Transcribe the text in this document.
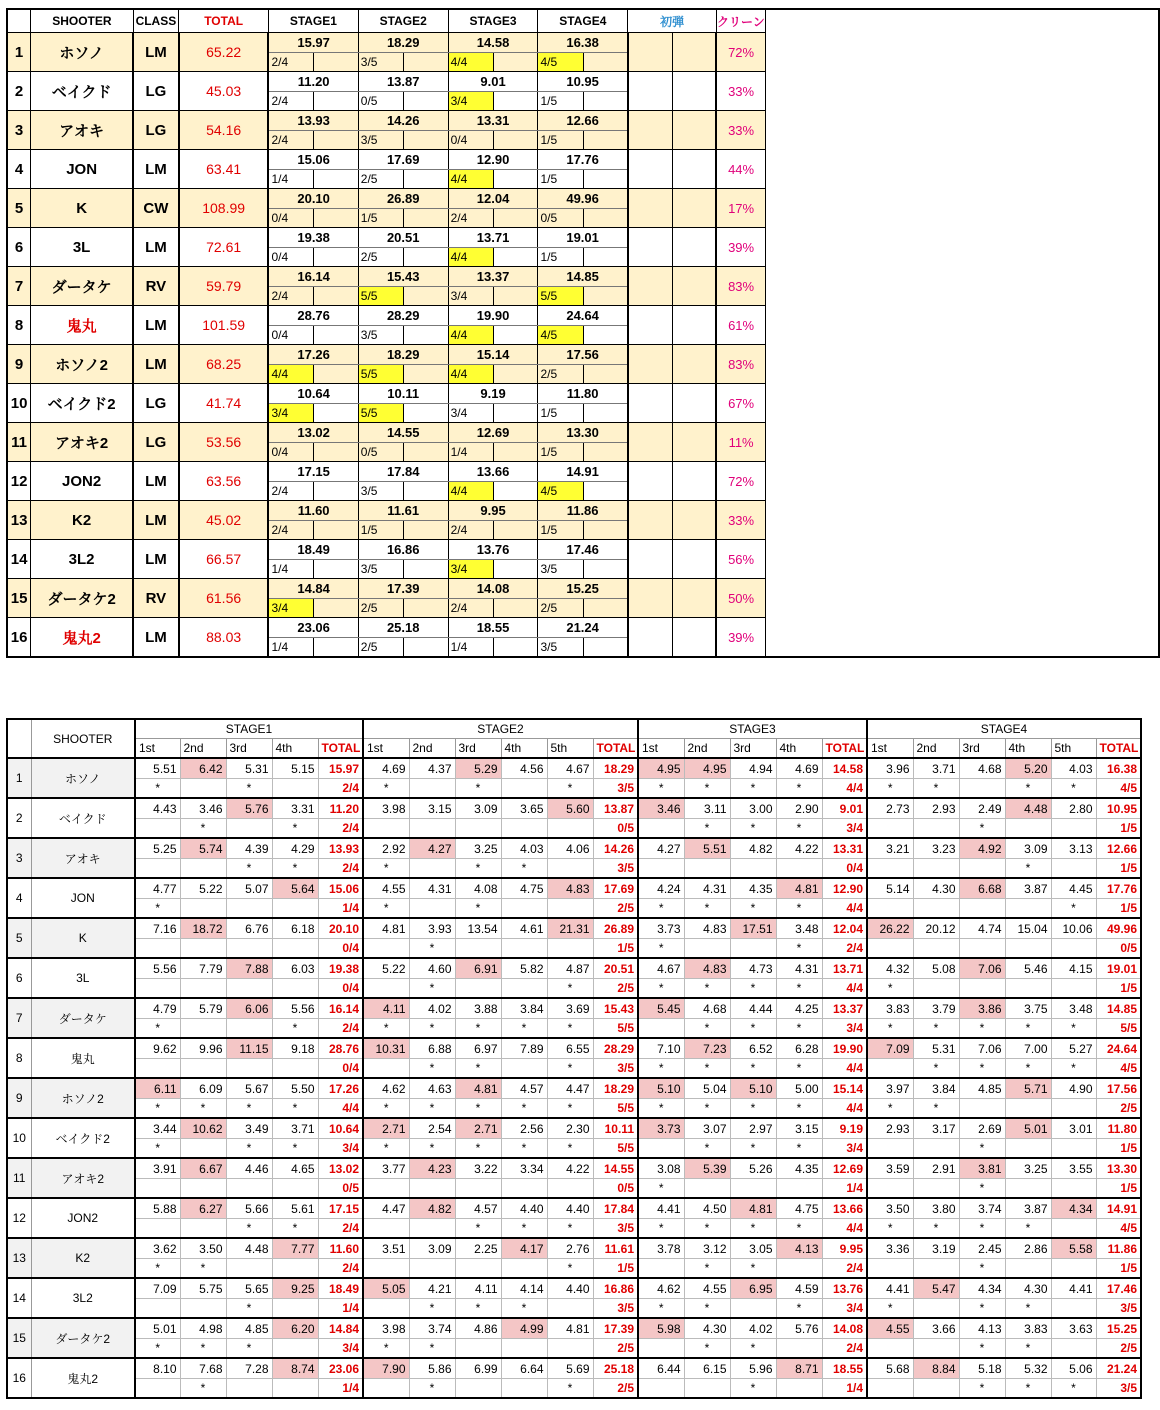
	SHOOTER	CLASS	TOTAL	STAGE1		STAGE2		STAGE3		STAGE4		初弾		クリーン
1	ホソノ	LM	65.22	15.97		18.29		14.58		16.38				72%
				2/4		3/5		4/4		4/5				
2	ベイクド	LG	45.03	11.20		13.87		9.01		10.95				33%
				2/4		0/5		3/4		1/5				
3	アオキ	LG	54.16	13.93		14.26		13.31		12.66				33%
				2/4		3/5		0/4		1/5				
4	JON	LM	63.41	15.06		17.69		12.90		17.76				44%
				1/4		2/5		4/4		1/5				
5	K	CW	108.99	20.10		26.89		12.04		49.96				17%
				0/4		1/5		2/4		0/5				
6	3L	LM	72.61	19.38		20.51		13.71		19.01				39%
				0/4		2/5		4/4		1/5				
7	ダータケ	RV	59.79	16.14		15.43		13.37		14.85				83%
				2/4		5/5		3/4		5/5				
8	鬼丸	LM	101.59	28.76		28.29		19.90		24.64				61%
				0/4		3/5		4/4		4/5				
9	ホソノ2	LM	68.25	17.26		18.29		15.14		17.56				83%
				4/4		5/5		4/4		2/5				
10	ベイクド2	LG	41.74	10.64		10.11		9.19		11.80				67%
				3/4		5/5		3/4		1/5				
11	アオキ2	LG	53.56	13.02		14.55		12.69		13.30				11%
				0/4		0/5		1/4		1/5				
12	JON2	LM	63.56	17.15		17.84		13.66		14.91				72%
				2/4		3/5		4/4		4/5				
13	K2	LM	45.02	11.60		11.61		9.95		11.86				33%
				2/4		1/5		2/4		1/5				
14	3L2	LM	66.57	18.49		16.86		13.76		17.46				56%
				1/4		3/5		3/4		3/5				
15	ダータケ2	RV	61.56	14.84		17.39		14.08		15.25				50%
				3/4		2/5		2/4		2/5				
16	鬼丸2	LM	88.03	23.06		25.18		18.55		21.24				39%
				1/4		2/5		1/4		3/5				
	SHOOTER	STAGE1					STAGE2						STAGE3					STAGE4					
		1st	2nd	3rd	4th	TOTAL	1st	2nd	3rd	4th	5th	TOTAL	1st	2nd	3rd	4th	TOTAL	1st	2nd	3rd	4th	5th	TOTAL
1	ホソノ	5.51	6.42	5.31	5.15	15.97	4.69	4.37	5.29	4.56	4.67	18.29	4.95	4.95	4.94	4.69	14.58	3.96	3.71	4.68	5.20	4.03	16.38
		*		*		2/4	*		*		*	3/5	*	*	*	*	4/4	*	*		*	*	4/5
2	ベイクド	4.43	3.46	5.76	3.31	11.20	3.98	3.15	3.09	3.65	5.60	13.87	3.46	3.11	3.00	2.90	9.01	2.73	2.93	2.49	4.48	2.80	10.95
			*		*	2/4						0/5		*	*	*	3/4			*			1/5
3	アオキ	5.25	5.74	4.39	4.29	13.93	2.92	4.27	3.25	4.03	4.06	14.26	4.27	5.51	4.82	4.22	13.31	3.21	3.23	4.92	3.09	3.13	12.66
				*	*	2/4	*		*	*		3/5					0/4				*		1/5
4	JON	4.77	5.22	5.07	5.64	15.06	4.55	4.31	4.08	4.75	4.83	17.69	4.24	4.31	4.35	4.81	12.90	5.14	4.30	6.68	3.87	4.45	17.76
		*				1/4	*		*			2/5	*	*	*	*	4/4					*	1/5
5	K	7.16	18.72	6.76	6.18	20.10	4.81	3.93	13.54	4.61	21.31	26.89	3.73	4.83	17.51	3.48	12.04	26.22	20.12	4.74	15.04	10.06	49.96
						0/4		*				1/5	*			*	2/4						0/5
6	3L	5.56	7.79	7.88	6.03	19.38	5.22	4.60	6.91	5.82	4.87	20.51	4.67	4.83	4.73	4.31	13.71	4.32	5.08	7.06	5.46	4.15	19.01
						0/4		*			*	2/5	*	*	*	*	4/4	*					1/5
7	ダータケ	4.79	5.79	6.06	5.56	16.14	4.11	4.02	3.88	3.84	3.69	15.43	5.45	4.68	4.44	4.25	13.37	3.83	3.79	3.86	3.75	3.48	14.85
		*			*	2/4	*	*	*	*	*	5/5		*	*	*	3/4	*	*	*	*	*	5/5
8	鬼丸	9.62	9.96	11.15	9.18	28.76	10.31	6.88	6.97	7.89	6.55	28.29	7.10	7.23	6.52	6.28	19.90	7.09	5.31	7.06	7.00	5.27	24.64
						0/4		*	*		*	3/5	*	*	*	*	4/4		*	*	*	*	4/5
9	ホソノ2	6.11	6.09	5.67	5.50	17.26	4.62	4.63	4.81	4.57	4.47	18.29	5.10	5.04	5.10	5.00	15.14	3.97	3.84	4.85	5.71	4.90	17.56
		*	*	*	*	4/4	*	*	*	*	*	5/5	*	*	*	*	4/4	*	*				2/5
10	ベイクド2	3.44	10.62	3.49	3.71	10.64	2.71	2.54	2.71	2.56	2.30	10.11	3.73	3.07	2.97	3.15	9.19	2.93	3.17	2.69	5.01	3.01	11.80
		*		*	*	3/4	*	*	*	*	*	5/5		*	*	*	3/4			*			1/5
11	アオキ2	3.91	6.67	4.46	4.65	13.02	3.77	4.23	3.22	3.34	4.22	14.55	3.08	5.39	5.26	4.35	12.69	3.59	2.91	3.81	3.25	3.55	13.30
						0/5						0/5	*				1/4			*			1/5
12	JON2	5.88	6.27	5.66	5.61	17.15	4.47	4.82	4.57	4.40	4.40	17.84	4.41	4.50	4.81	4.75	13.66	3.50	3.80	3.74	3.87	4.34	14.91
				*	*	2/4			*	*	*	3/5	*	*	*	*	4/4	*	*	*	*		4/5
13	K2	3.62	3.50	4.48	7.77	11.60	3.51	3.09	2.25	4.17	2.76	11.61	3.78	3.12	3.05	4.13	9.95	3.36	3.19	2.45	2.86	5.58	11.86
		*	*			2/4					*	1/5		*	*		2/4			*			1/5
14	3L2	7.09	5.75	5.65	9.25	18.49	5.05	4.21	4.11	4.14	4.40	16.86	4.62	4.55	6.95	4.59	13.76	4.41	5.47	4.34	4.30	4.41	17.46
				*		1/4		*	*	*		3/5	*	*		*	3/4	*		*	*		3/5
15	ダータケ2	5.01	4.98	4.85	6.20	14.84	3.98	3.74	4.86	4.99	4.81	17.39	5.98	4.30	4.02	5.76	14.08	4.55	3.66	4.13	3.83	3.63	15.25
		*	*	*		3/4	*	*				2/5		*	*		2/4			*	*		2/5
16	鬼丸2	8.10	7.68	7.28	8.74	23.06	7.90	5.86	6.99	6.64	5.69	25.18	6.44	6.15	5.96	8.71	18.55	5.68	8.84	5.18	5.32	5.06	21.24
			*			1/4		*			*	2/5			*		1/4			*	*	*	3/5
